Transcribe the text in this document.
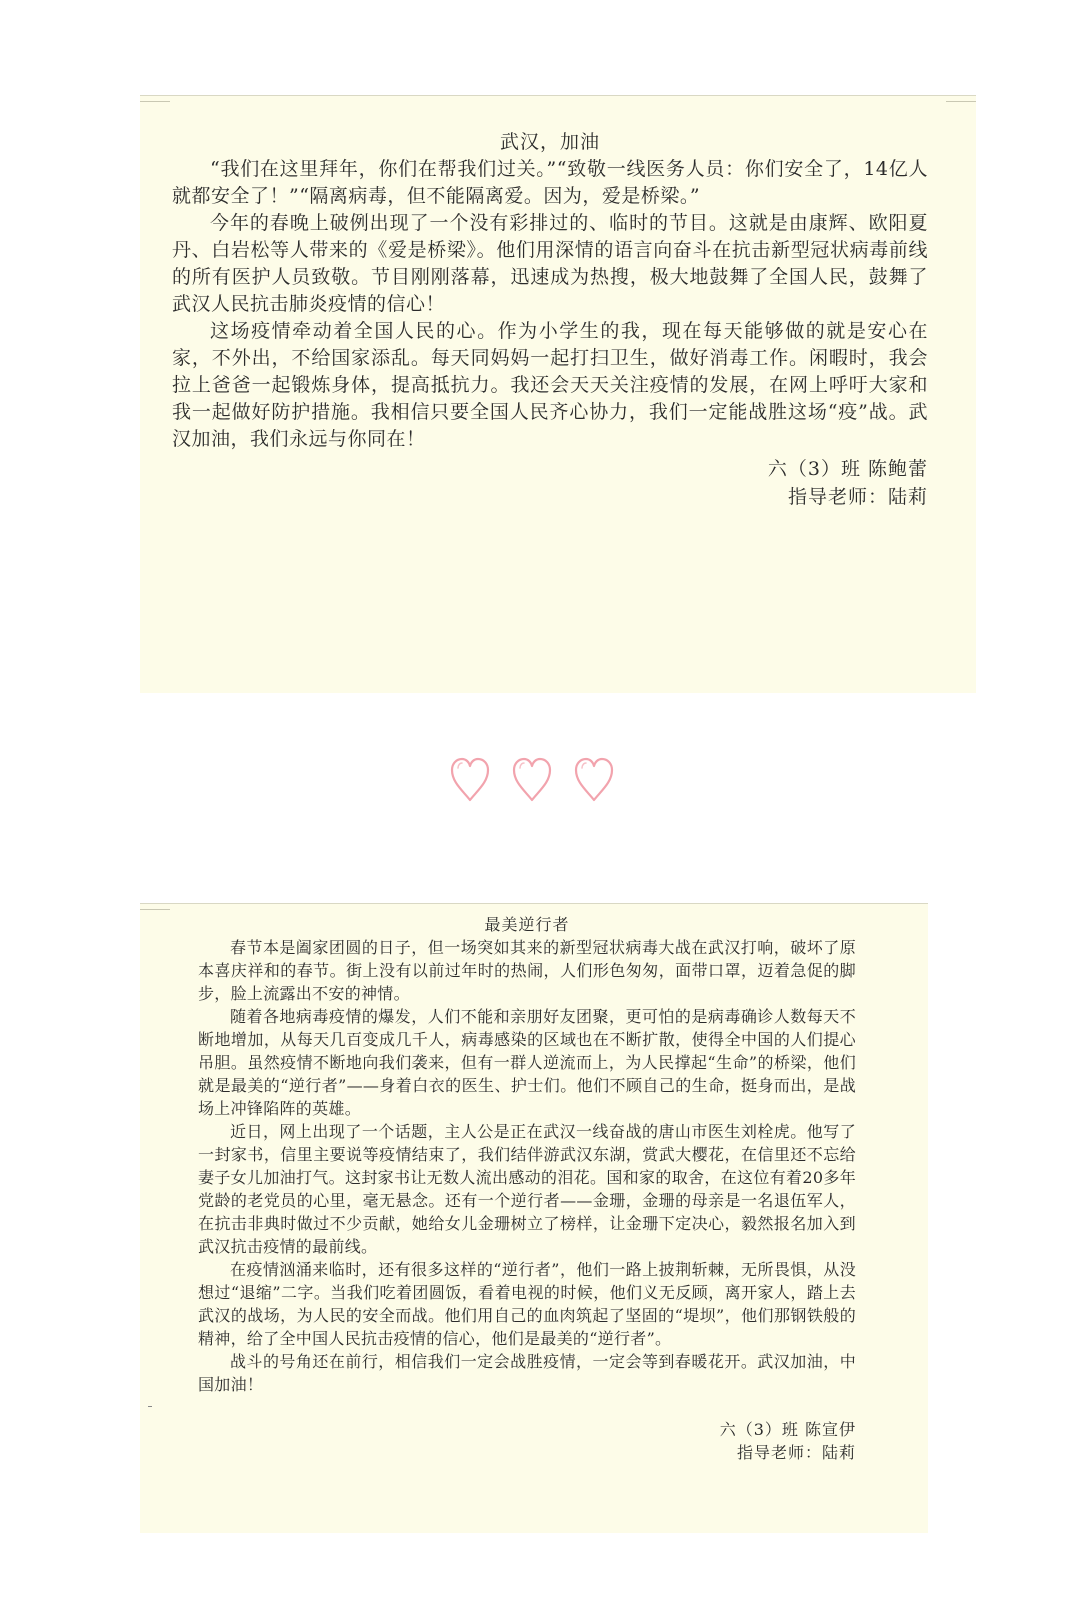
武汉，加油

“我们在这里拜年，你们在帮我们过关。”“致敬一线医务人员：你们安全了，14亿人就都安全了！”“隔离病毒，但不能隔离爱。因为，爱是桥梁。”

今年的春晚上破例出现了一个没有彩排过的、临时的节目。这就是由康辉、欧阳夏丹、白岩松等人带来的《爱是桥梁》。他们用深情的语言向奋斗在抗击新型冠状病毒前线的所有医护人员致敬。节目刚刚落幕，迅速成为热搜，极大地鼓舞了全国人民，鼓舞了武汉人民抗击肺炎疫情的信心！

这场疫情牵动着全国人民的心。作为小学生的我，现在每天能够做的就是安心在家，不外出，不给国家添乱。每天同妈妈一起打扫卫生，做好消毒工作。闲暇时，我会拉上爸爸一起锻炼身体，提高抵抗力。我还会天天关注疫情的发展，在网上呼吁大家和我一起做好防护措施。我相信只要全国人民齐心协力，我们一定能战胜这场“疫”战。武汉加油，我们永远与你同在！

六（3）班 陈鲍蕾
指导老师：陆莉
最美逆行者

春节本是阖家团圆的日子，但一场突如其来的新型冠状病毒大战在武汉打响，破坏了原本喜庆祥和的春节。街上没有以前过年时的热闹，人们形色匆匆，面带口罩，迈着急促的脚步，脸上流露出不安的神情。

随着各地病毒疫情的爆发，人们不能和亲朋好友团聚，更可怕的是病毒确诊人数每天不断地增加，从每天几百变成几千人，病毒感染的区域也在不断扩散，使得全中国的人们提心吊胆。虽然疫情不断地向我们袭来，但有一群人逆流而上，为人民撑起“生命”的桥梁，他们就是最美的“逆行者”——身着白衣的医生、护士们。他们不顾自己的生命，挺身而出，是战场上冲锋陷阵的英雄。

近日，网上出现了一个话题，主人公是正在武汉一线奋战的唐山市医生刘栓虎。他写了一封家书，信里主要说等疫情结束了，我们结伴游武汉东湖，赏武大樱花，在信里还不忘给妻子女儿加油打气。这封家书让无数人流出感动的泪花。国和家的取舍，在这位有着20多年党龄的老党员的心里，毫无悬念。还有一个逆行者——金珊，金珊的母亲是一名退伍军人，在抗击非典时做过不少贡献，她给女儿金珊树立了榜样，让金珊下定决心，毅然报名加入到武汉抗击疫情的最前线。

在疫情汹涌来临时，还有很多这样的“逆行者”，他们一路上披荆斩棘，无所畏惧，从没想过“退缩”二字。当我们吃着团圆饭，看着电视的时候，他们义无反顾，离开家人，踏上去武汉的战场，为人民的安全而战。他们用自己的血肉筑起了坚固的“堤坝”，他们那钢铁般的精神，给了全中国人民抗击疫情的信心，他们是最美的“逆行者”。

战斗的号角还在前行，相信我们一定会战胜疫情，一定会等到春暖花开。武汉加油，中国加油！

六（3）班 陈宣伊
指导老师：陆莉
